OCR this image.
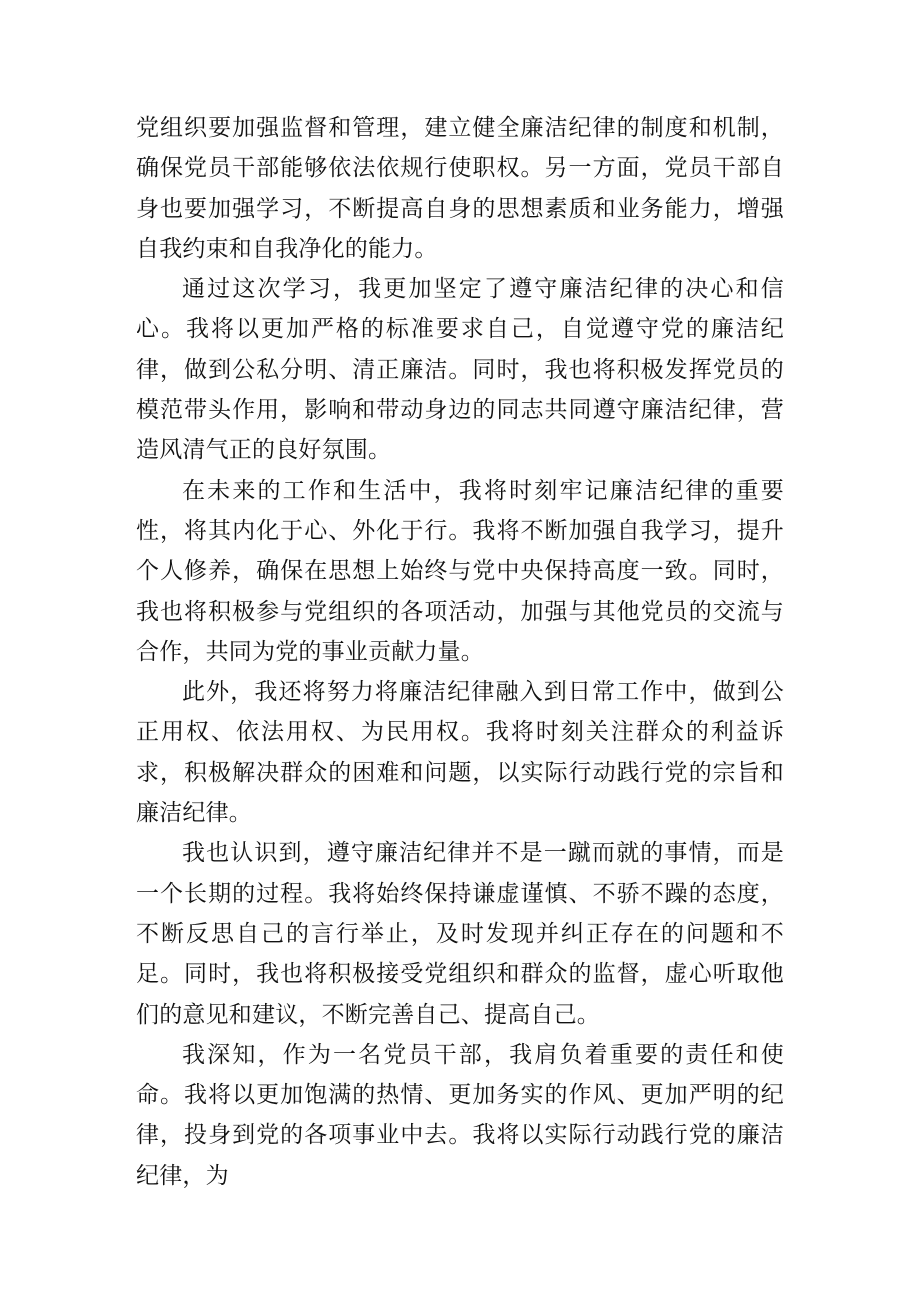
党组织要加强监督和管理，建立健全廉洁纪律的制度和机制，确保党员干部能够依法依规行使职权。另一方面，党员干部自身也要加强学习，不断提高自身的思想素质和业务能力，增强自我约束和自我净化的能力。

通过这次学习，我更加坚定了遵守廉洁纪律的决心和信心。我将以更加严格的标准要求自己，自觉遵守党的廉洁纪律，做到公私分明、清正廉洁。同时，我也将积极发挥党员的模范带头作用，影响和带动身边的同志共同遵守廉洁纪律，营造风清气正的良好氛围。

在未来的工作和生活中，我将时刻牢记廉洁纪律的重要性，将其内化于心、外化于行。我将不断加强自我学习，提升个人修养，确保在思想上始终与党中央保持高度一致。同时，我也将积极参与党组织的各项活动，加强与其他党员的交流与合作，共同为党的事业贡献力量。

此外，我还将努力将廉洁纪律融入到日常工作中，做到公正用权、依法用权、为民用权。我将时刻关注群众的利益诉求，积极解决群众的困难和问题，以实际行动践行党的宗旨和廉洁纪律。

我也认识到，遵守廉洁纪律并不是一蹴而就的事情，而是一个长期的过程。我将始终保持谦虚谨慎、不骄不躁的态度，不断反思自己的言行举止，及时发现并纠正存在的问题和不足。同时，我也将积极接受党组织和群众的监督，虚心听取他们的意见和建议，不断完善自己、提高自己。

我深知，作为一名党员干部，我肩负着重要的责任和使命。我将以更加饱满的热情、更加务实的作风、更加严明的纪律，投身到党的各项事业中去。我将以实际行动践行党的廉洁纪律，为
